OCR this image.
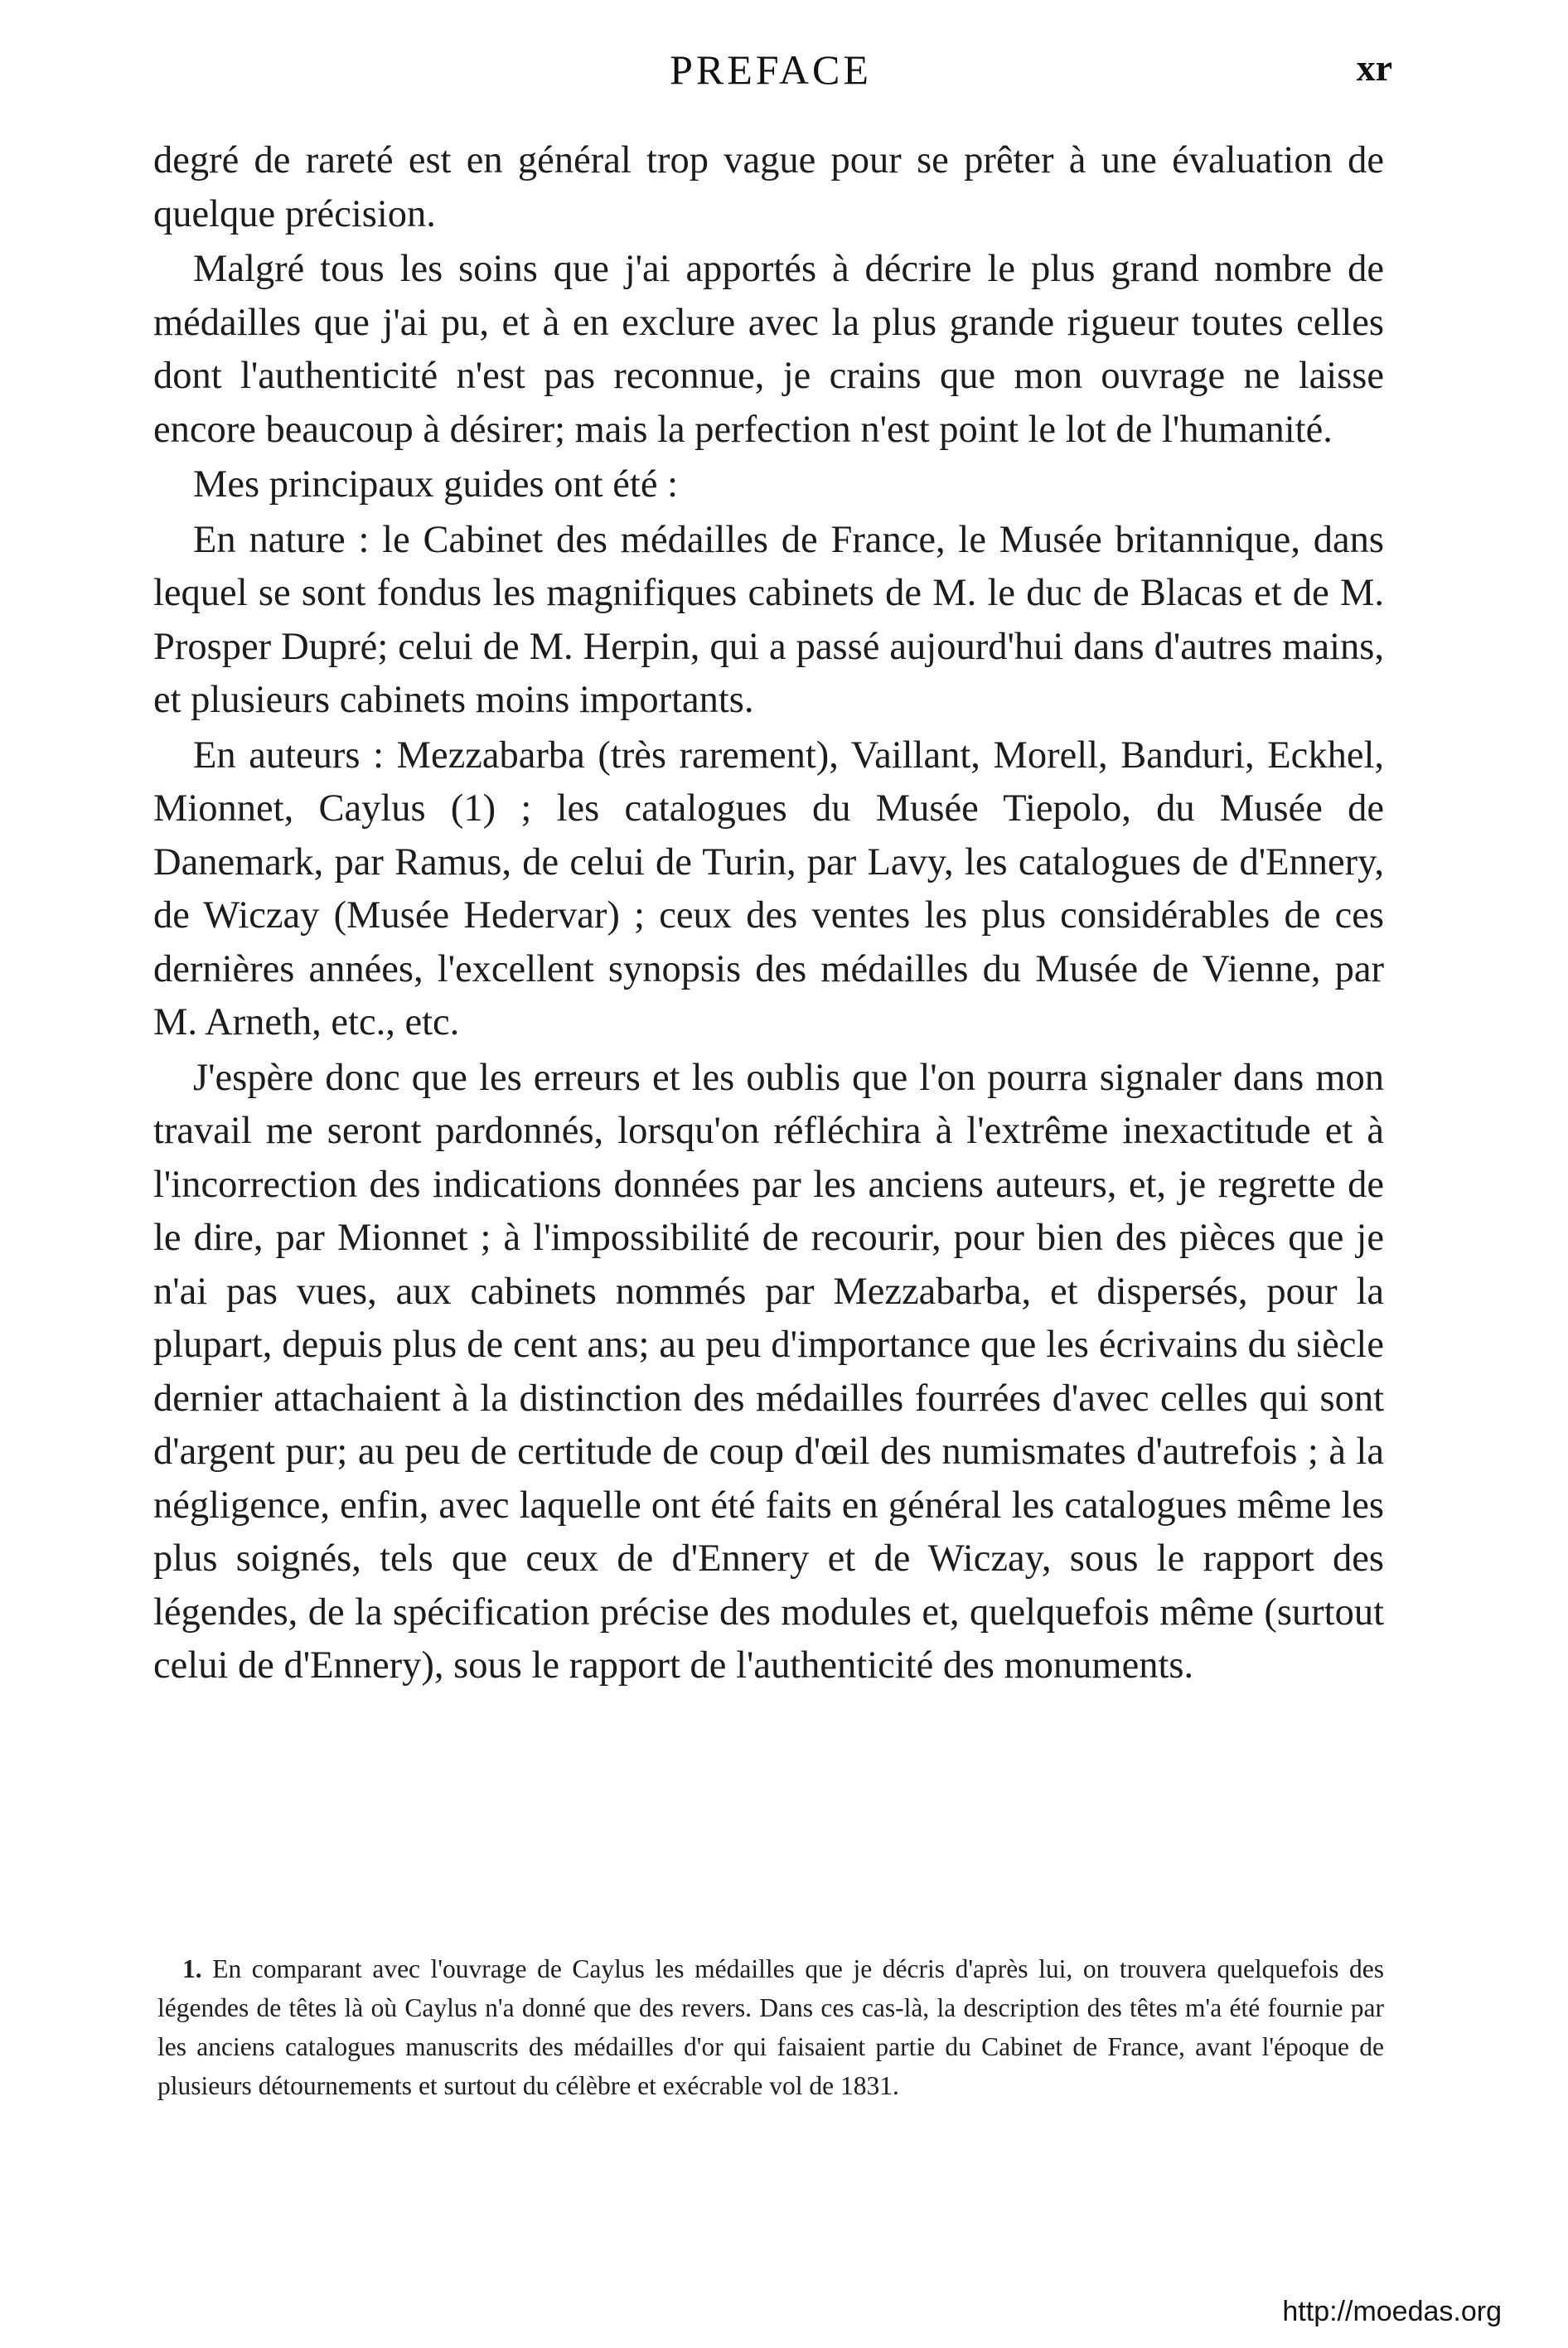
PREFACE	xr

degré de rareté est en général trop vague pour se prêter à une évaluation de quelque précision.

Malgré tous les soins que j'ai apportés à décrire le plus grand nombre de médailles que j'ai pu, et à en exclure avec la plus grande rigueur toutes celles dont l'authenticité n'est pas reconnue, je crains que mon ouvrage ne laisse encore beaucoup à désirer; mais la perfection n'est point le lot de l'humanité.

Mes principaux guides ont été :

En nature : le Cabinet des médailles de France, le Musée britannique, dans lequel se sont fondus les magnifiques cabinets de M. le duc de Blacas et de M. Prosper Dupré; celui de M. Herpin, qui a passé aujourd'hui dans d'autres mains, et plusieurs cabinets moins importants.

En auteurs : Mezzabarba (très rarement), Vaillant, Morell, Banduri, Eckhel, Mionnet, Caylus (1) ; les catalogues du Musée Tiepolo, du Musée de Danemark, par Ramus, de celui de Turin, par Lavy, les catalogues de d'Ennery, de Wiczay (Musée Hedervar) ; ceux des ventes les plus considérables de ces dernières années, l'excellent synopsis des médailles du Musée de Vienne, par M. Arneth, etc., etc.

J'espère donc que les erreurs et les oublis que l'on pourra signaler dans mon travail me seront pardonnés, lorsqu'on réfléchira à l'extrême inexactitude et à l'incorrection des indications données par les anciens auteurs, et, je regrette de le dire, par Mionnet ; à l'impossibilité de recourir, pour bien des pièces que je n'ai pas vues, aux cabinets nommés par Mezzabarba, et dispersés, pour la plupart, depuis plus de cent ans; au peu d'importance que les écrivains du siècle dernier attachaient à la distinction des médailles fourrées d'avec celles qui sont d'argent pur; au peu de certitude de coup d'œil des numismates d'autrefois ; à la négligence, enfin, avec laquelle ont été faits en général les catalogues même les plus soignés, tels que ceux de d'Ennery et de Wiczay, sous le rapport des légendes, de la spécification précise des modules et, quelquefois même (surtout celui de d'Ennery), sous le rapport de l'authenticité des monuments.

1. En comparant avec l'ouvrage de Caylus les médailles que je décris d'après lui, on trouvera quelquefois des légendes de têtes là où Caylus n'a donné que des revers. Dans ces cas-là, la description des têtes m'a été fournie par les anciens catalogues manuscrits des médailles d'or qui faisaient partie du Cabinet de France, avant l'époque de plusieurs détournements et surtout du célèbre et exécrable vol de 1831.
http://moedas.org
